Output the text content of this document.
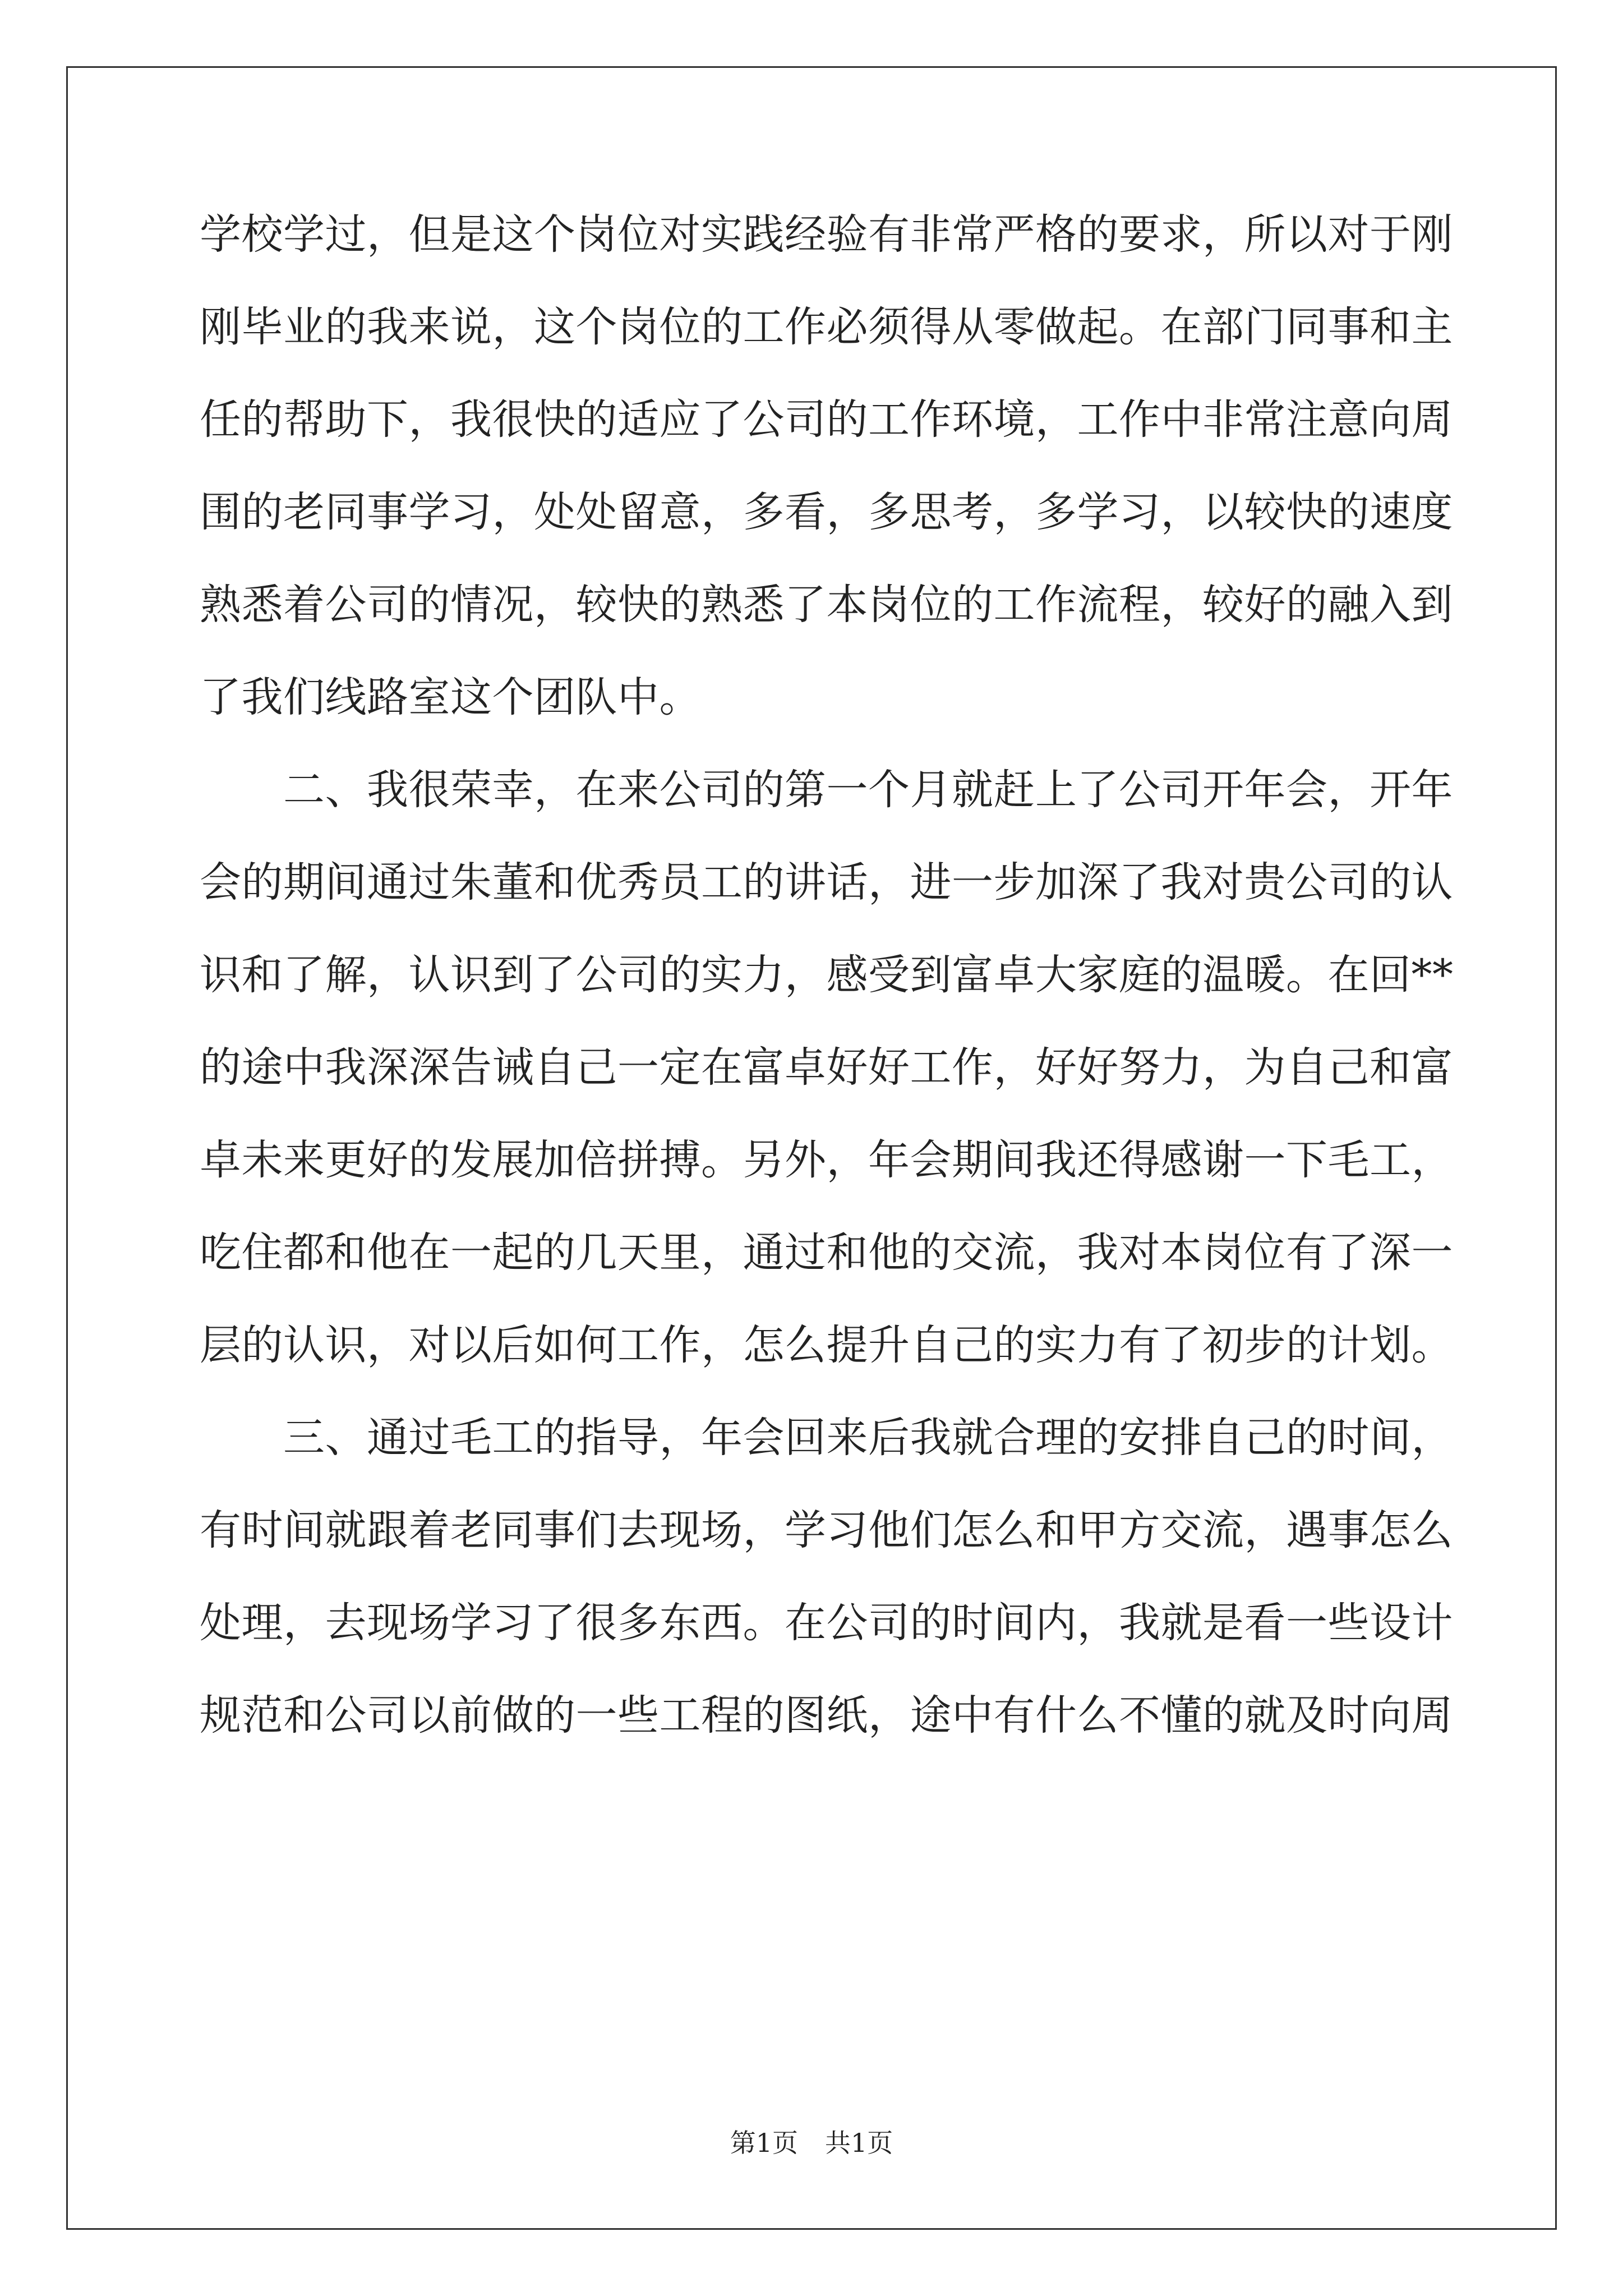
学校学过，但是这个岗位对实践经验有非常严格的要求，所以对于刚
刚毕业的我来说，这个岗位的工作必须得从零做起。在部门同事和主
任的帮助下，我很快的适应了公司的工作环境，工作中非常注意向周
围的老同事学习，处处留意，多看，多思考，多学习，以较快的速度
熟悉着公司的情况，较快的熟悉了本岗位的工作流程，较好的融入到
了我们线路室这个团队中。
　　二、我很荣幸，在来公司的第一个月就赶上了公司开年会，开年
会的期间通过朱董和优秀员工的讲话，进一步加深了我对贵公司的认
识和了解，认识到了公司的实力，感受到富卓大家庭的温暖。在回**
的途中我深深告诫自己一定在富卓好好工作，好好努力，为自己和富
卓未来更好的发展加倍拼搏。另外，年会期间我还得感谢一下毛工，
吃住都和他在一起的几天里，通过和他的交流，我对本岗位有了深一
层的认识，对以后如何工作，怎么提升自己的实力有了初步的计划。
　　三、通过毛工的指导，年会回来后我就合理的安排自己的时间，
有时间就跟着老同事们去现场，学习他们怎么和甲方交流，遇事怎么
处理，去现场学习了很多东西。在公司的时间内，我就是看一些设计
规范和公司以前做的一些工程的图纸，途中有什么不懂的就及时向周
第1页 共1页
